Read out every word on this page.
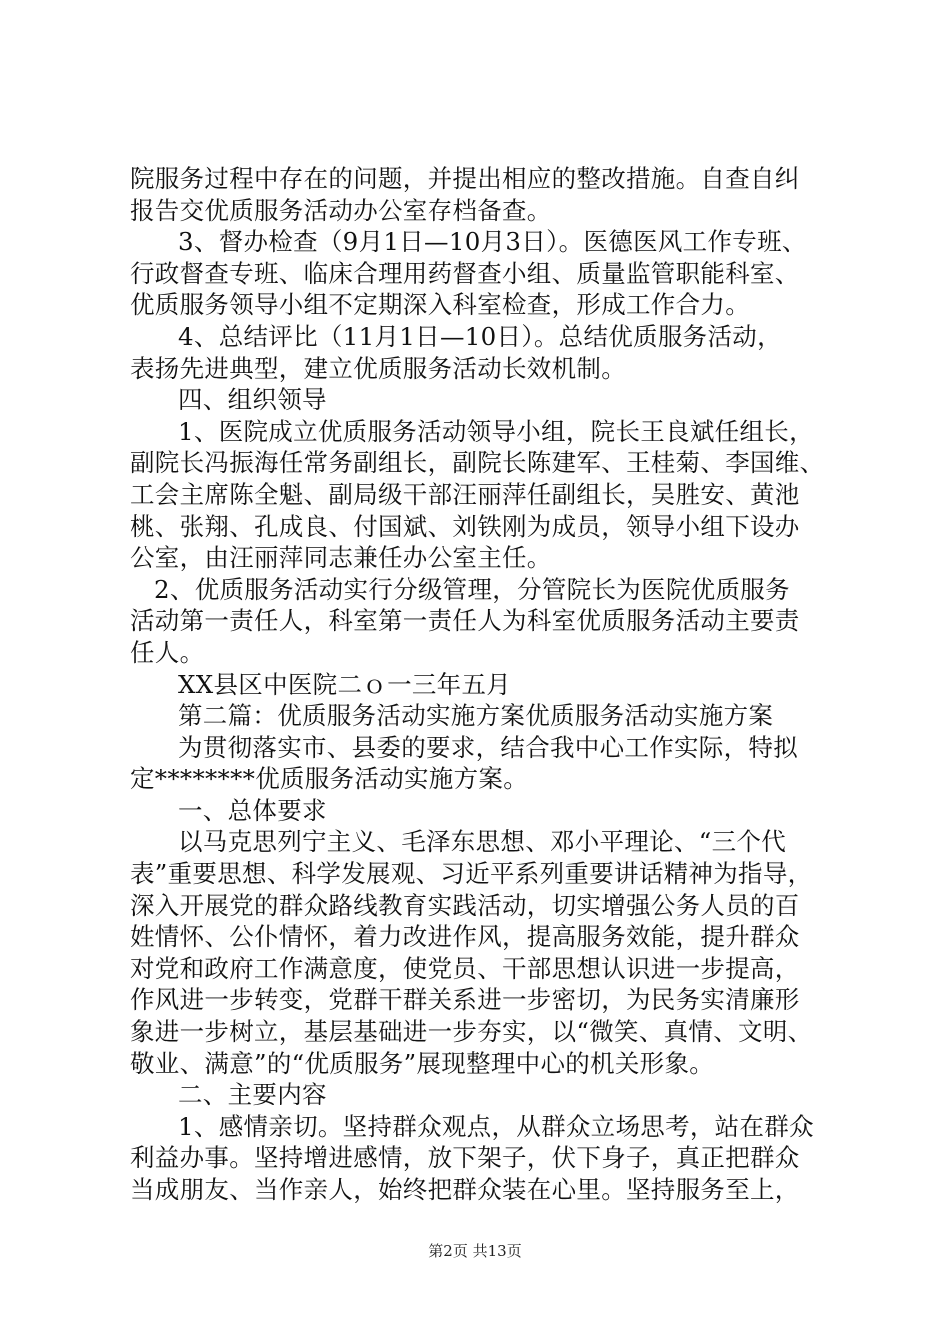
院服务过程中存在的问题，并提出相应的整改措施。自查自纠
报告交优质服务活动办公室存档备查。
3、督办检查（9月1日—10月3日）。医德医风工作专班、
行政督查专班、临床合理用药督查小组、质量监管职能科室、
优质服务领导小组不定期深入科室检查，形成工作合力。
4、总结评比（11月1日—10日）。总结优质服务活动，
表扬先进典型，建立优质服务活动长效机制。
四、组织领导
1、医院成立优质服务活动领导小组，院长王良斌任组长，
副院长冯振海任常务副组长，副院长陈建军、王桂菊、李国维、
工会主席陈全魁、副局级干部汪丽萍任副组长，吴胜安、黄池
桃、张翔、孔成良、付国斌、刘铁刚为成员，领导小组下设办
公室，由汪丽萍同志兼任办公室主任。
2、优质服务活动实行分级管理，分管院长为医院优质服务
活动第一责任人，科室第一责任人为科室优质服务活动主要责
任人。
XX县区中医院二ｏ一三年五月
第二篇：优质服务活动实施方案优质服务活动实施方案
为贯彻落实市、县委的要求，结合我中心工作实际，特拟
定********优质服务活动实施方案。
一、总体要求
以马克思列宁主义、毛泽东思想、邓小平理论、“三个代
表”重要思想、科学发展观、习近平系列重要讲话精神为指导，
深入开展党的群众路线教育实践活动，切实增强公务人员的百
姓情怀、公仆情怀，着力改进作风，提高服务效能，提升群众
对党和政府工作满意度，使党员、干部思想认识进一步提高，
作风进一步转变，党群干群关系进一步密切，为民务实清廉形
象进一步树立，基层基础进一步夯实，以“微笑、真情、文明、
敬业、满意”的“优质服务”展现整理中心的机关形象。
二、主要内容
1、感情亲切。坚持群众观点，从群众立场思考，站在群众
利益办事。坚持增进感情，放下架子，伏下身子，真正把群众
当成朋友、当作亲人，始终把群众装在心里。坚持服务至上，
第2页 共13页
